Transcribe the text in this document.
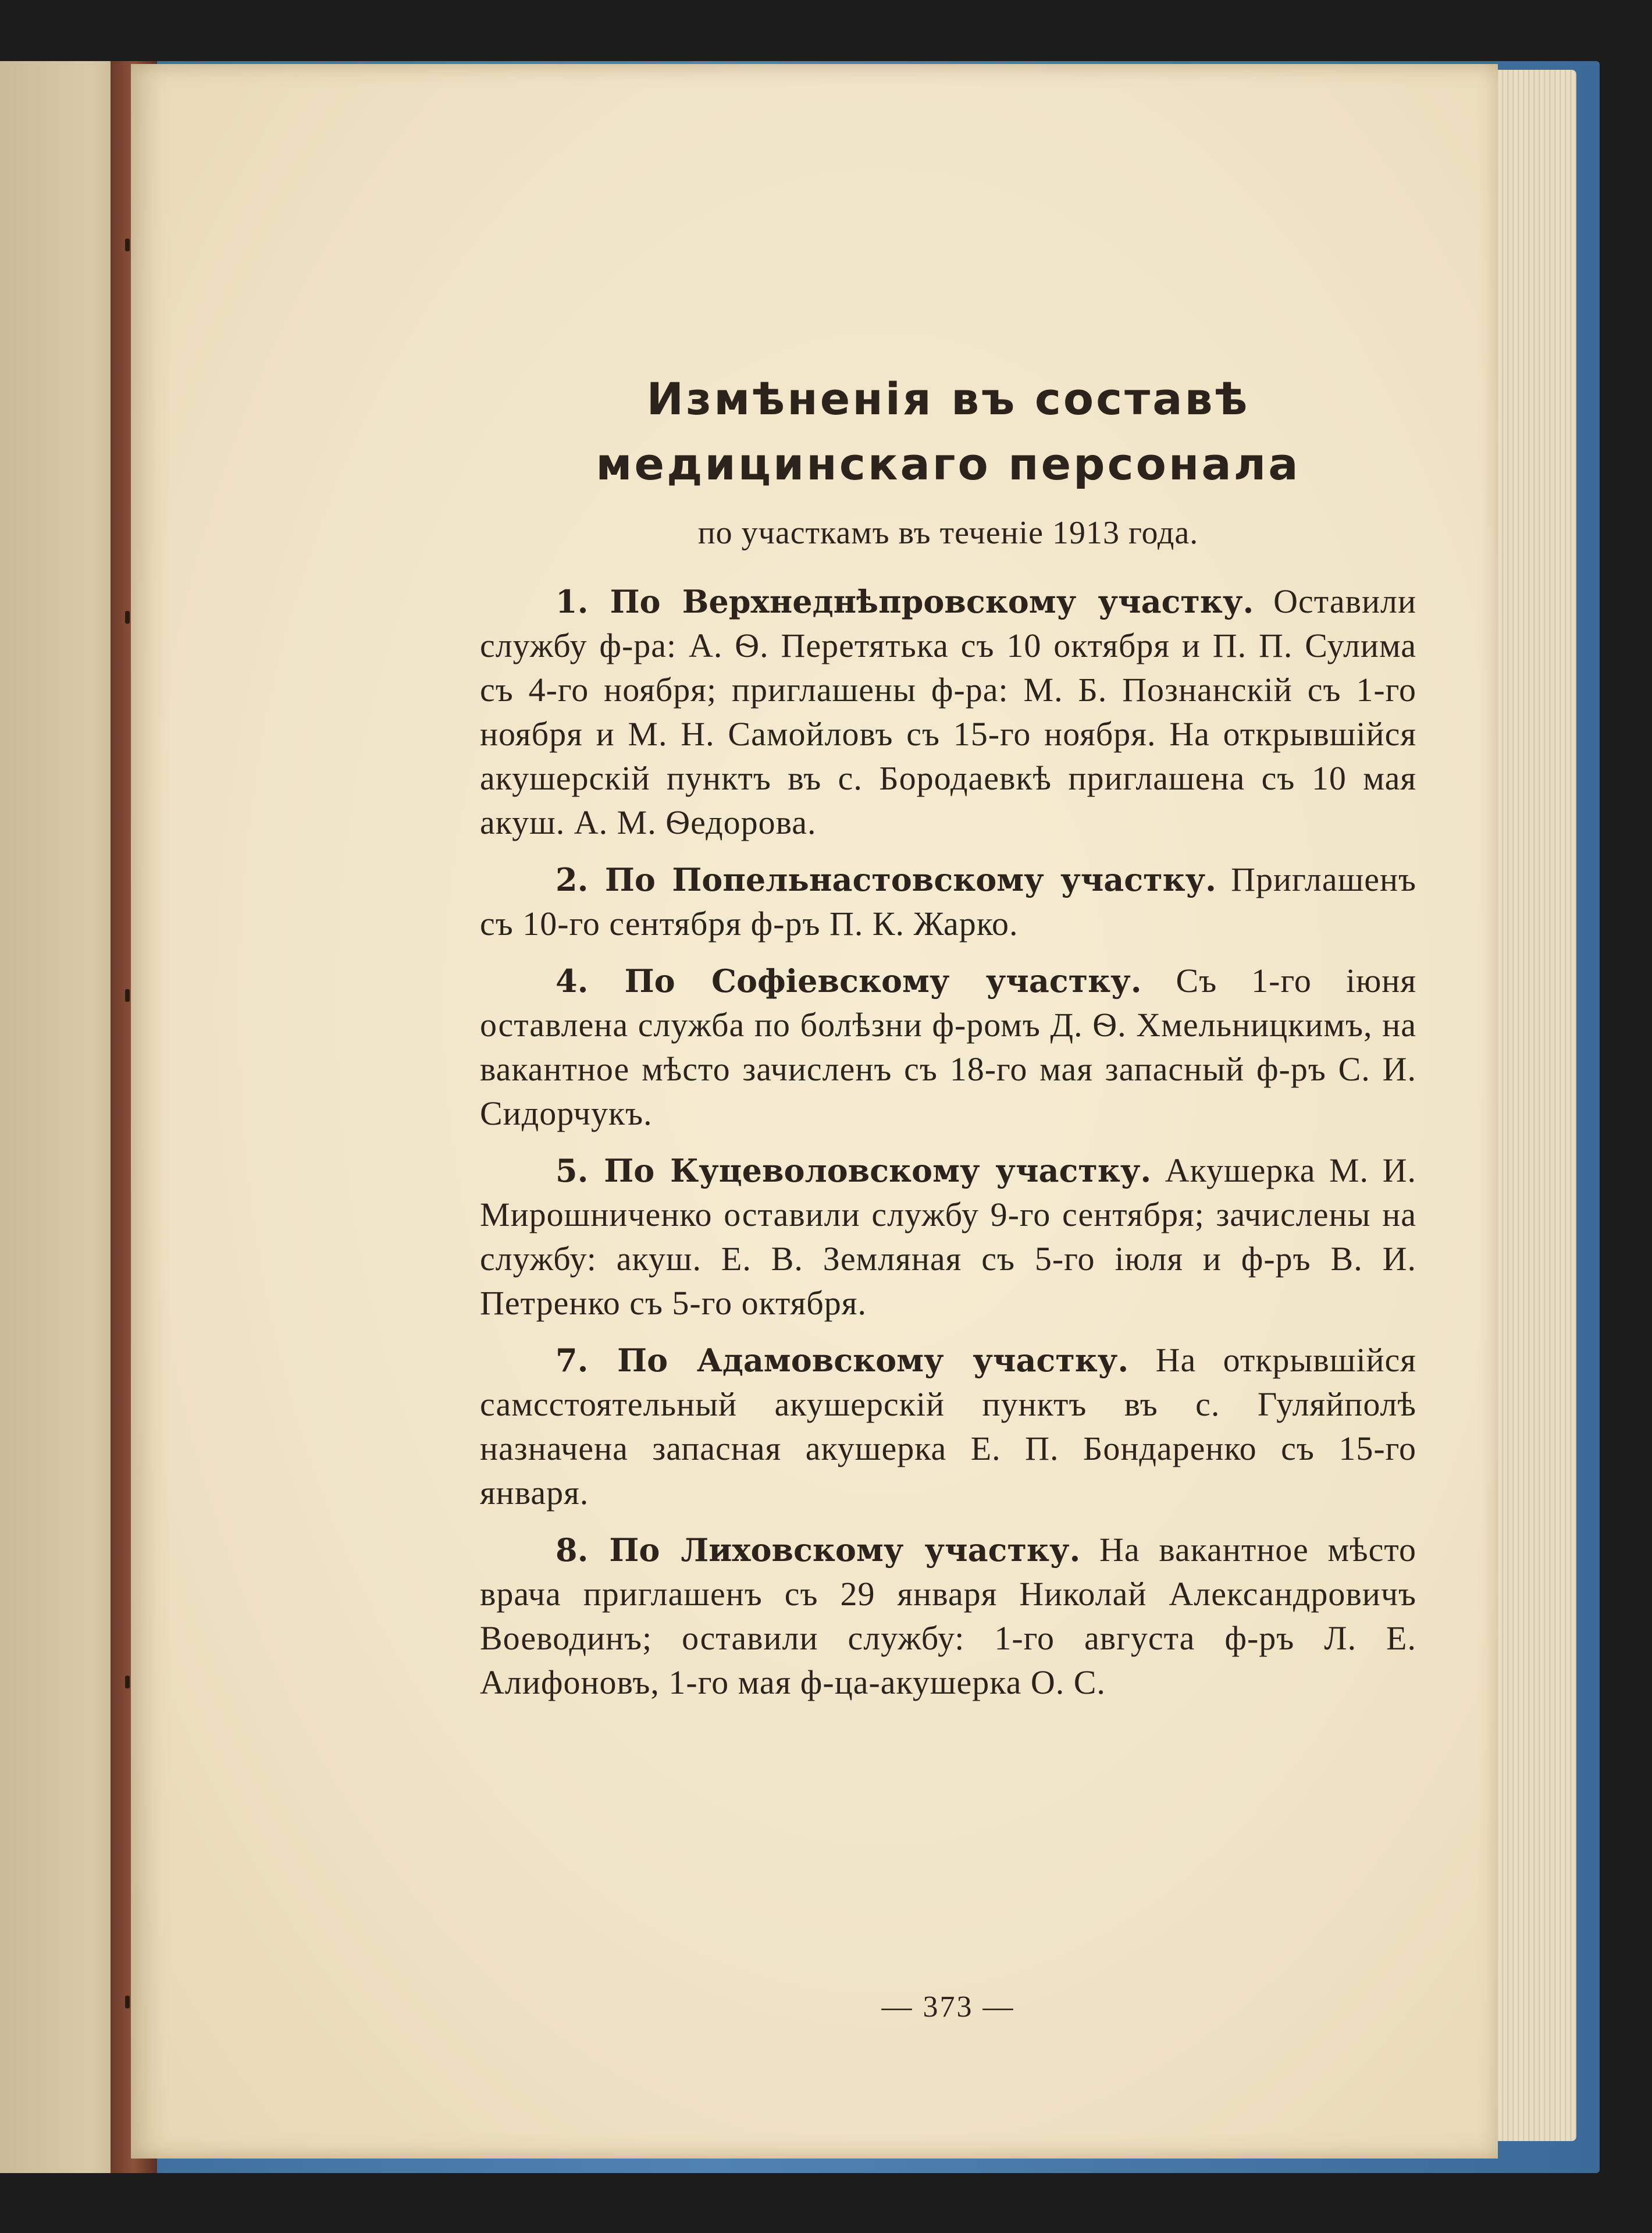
Измѣненія въ составѣ медицинскаго персонала
по участкамъ въ теченіе 1913 года.

1. По Верхнеднѣпровскому участку. Оставили службу ф-ра: А. Ѳ. Перетятька съ 10 октября и П. П. Сулима съ 4-го ноября; приглашены ф-ра: М. Б. Познанскій съ 1-го ноября и М. Н. Самойловъ съ 15-го ноября. На открывшійся акушерскій пунктъ въ с. Бородаевкѣ приглашена съ 10 мая акуш. А. М. Ѳедорова.

2. По Попельнастовскому участку. Приглашенъ съ 10-го сентября ф-ръ П. К. Жарко.

4. По Софіевскому участку. Съ 1-го іюня оставлена служба по болѣзни ф-ромъ Д. Ѳ. Хмельницкимъ, на вакантное мѣсто зачисленъ съ 18-го мая запасный ф-ръ С. И. Сидорчукъ.

5. По Куцеволовскому участку. Акушерка М. И. Мирошниченко оставили службу 9-го сентября; зачислены на службу: акуш. Е. В. Земляная съ 5-го іюля и ф-ръ В. И. Петренко съ 5-го октября.

7. По Адамовскому участку. На открывшійся самсстоятельный акушерскій пунктъ въ с. Гуляйполѣ назначена запасная акушерка Е. П. Бондаренко съ 15-го января.

8. По Лиховскому участку. На вакантное мѣсто врача приглашенъ съ 29 января Николай Александровичъ Воеводинъ; оставили службу: 1-го августа ф-ръ Л. Е. Алифоновъ, 1-го мая ф-ца-акушерка О. С.

— 373 —
